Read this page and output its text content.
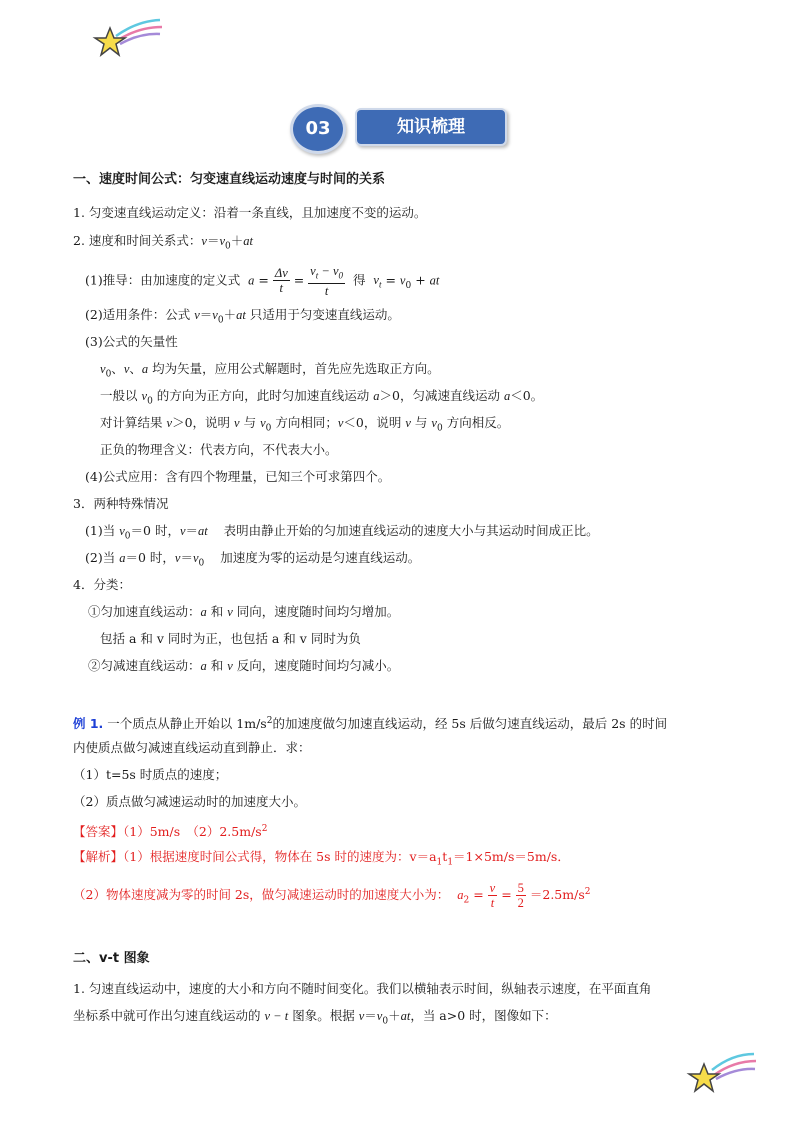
03	知识梳理
一、速度时间公式：匀变速直线运动速度与时间的关系
1. 匀变速直线运动定义：沿着一条直线，且加速度不变的运动。
2. 速度和时间关系式：$v=v_0+at$
(1)推导：由加速度的定义式 $a = \frac{\Delta v}{t} = \frac{v_t - v_0}{t}$ 得 $v_t = v_0$ + at
(2)适用条件：公式 $v=v_0+at$ 只适用于匀变速直线运动。
(3)公式的矢量性
$v_0$、v、a 均为矢量，应用公式解题时，首先应先选取正方向。
一般以 $v_0$ 的方向为正方向，此时匀加速直线运动 a＞0，匀减速直线运动 a＜0。
对计算结果 v＞0，说明 v 与 $v_0$ 方向相同；v＜0，说明 v 与 $v_0$ 方向相反。
正负的物理含义：代表方向，不代表大小。
(4)公式应用：含有四个物理量，已知三个可求第四个。
3．两种特殊情况
(1)当 $v_0=0$ 时，v＝at 表明由静止开始的匀加速直线运动的速度大小与其运动时间成正比。
(2)当 a＝0 时，$v=v_0$ 加速度为零的运动是匀速直线运动。
4．分类：
①匀加速直线运动：a 和 v 同向，速度随时间均匀增加。
包括 a 和 v 同时为正，也包括 a 和 v 同时为负
②匀减速直线运动：a 和 v 反向，速度随时间均匀减小。
例 1. 一个质点从静止开始以 $1m/s^2$的加速度做匀加速直线运动，经 5s 后做匀速直线运动，最后 2s 的时间
内使质点做匀减速直线运动直到静止．求：
（1）t=5s 时质点的速度；
（2）质点做匀减速运动时的加速度大小。
【答案】（1）5m/s　$(2)2.5m/s^2$
【解析】（1）根据速度时间公式得，物体在 5s 时的速度为：$v=a_1t_1=1\times 5m/s=5m/s$．
（2）物体速度减为零的时间 2s，做匀减速运动时的加速度大小为： $a_2 = \frac{v}{t} = \frac{5}{2} =2.5m/s^2$
二、v-t 图象
1. 匀速直线运动中，速度的大小和方向不随时间变化。我们以横轴表示时间，纵轴表示速度，在平面直角
坐标系中就可作出匀速直线运动的 v − t 图象。根据 $v=v_0+at$，当 a>0 时，图像如下：
